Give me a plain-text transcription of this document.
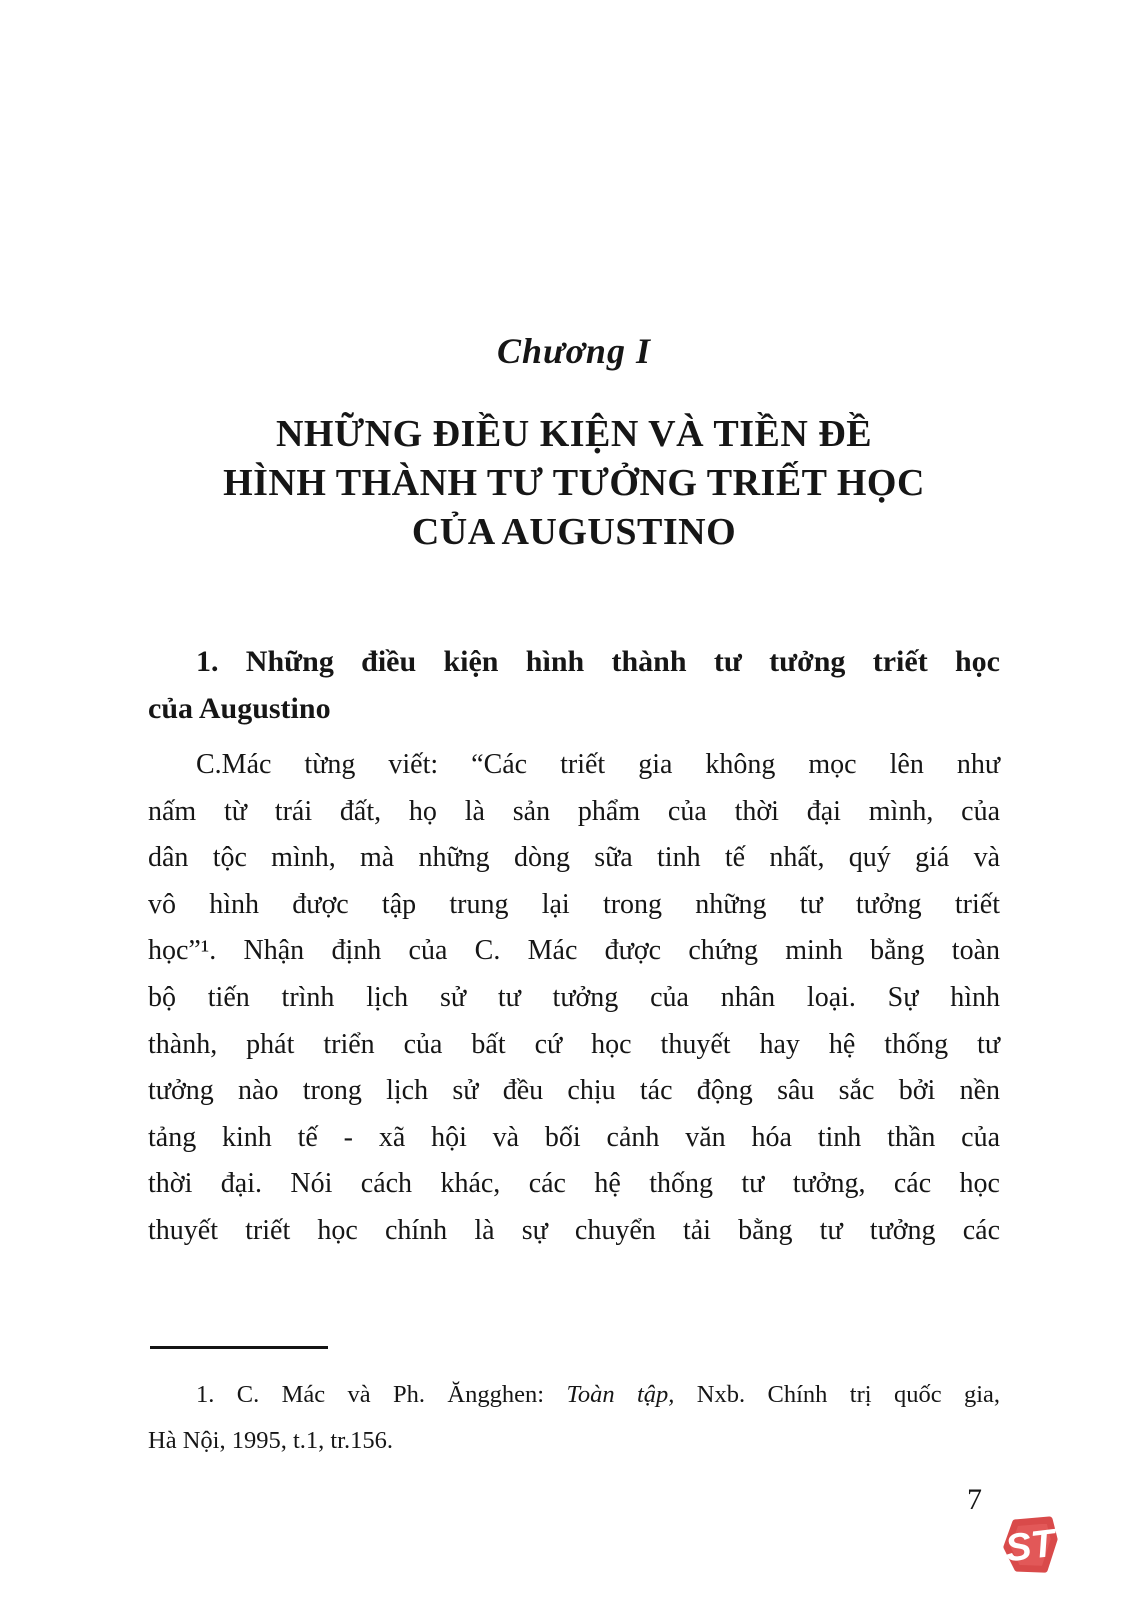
Chương I
NHỮNG ĐIỀU KIỆN VÀ TIỀN ĐỀ
HÌNH THÀNH TƯ TƯỞNG TRIẾT HỌC
CỦA AUGUSTINO
1. Những điều kiện hình thành tư tưởng triết học
của Augustino
C.Mác từng viết: “Các triết gia không mọc lên như
nấm từ trái đất, họ là sản phẩm của thời đại mình, của
dân tộc mình, mà những dòng sữa tinh tế nhất, quý giá và
vô hình được tập trung lại trong những tư tưởng triết
học”¹. Nhận định của C. Mác được chứng minh bằng toàn
bộ tiến trình lịch sử tư tưởng của nhân loại. Sự hình
thành, phát triển của bất cứ học thuyết hay hệ thống tư
tưởng nào trong lịch sử đều chịu tác động sâu sắc bởi nền
tảng kinh tế - xã hội và bối cảnh văn hóa tinh thần của
thời đại. Nói cách khác, các hệ thống tư tưởng, các học
thuyết triết học chính là sự chuyển tải bằng tư tưởng các
1. C. Mác và Ph. Ăngghen: Toàn tập, Nxb. Chính trị quốc gia,
Hà Nội, 1995, t.1, tr.156.
7
ST
